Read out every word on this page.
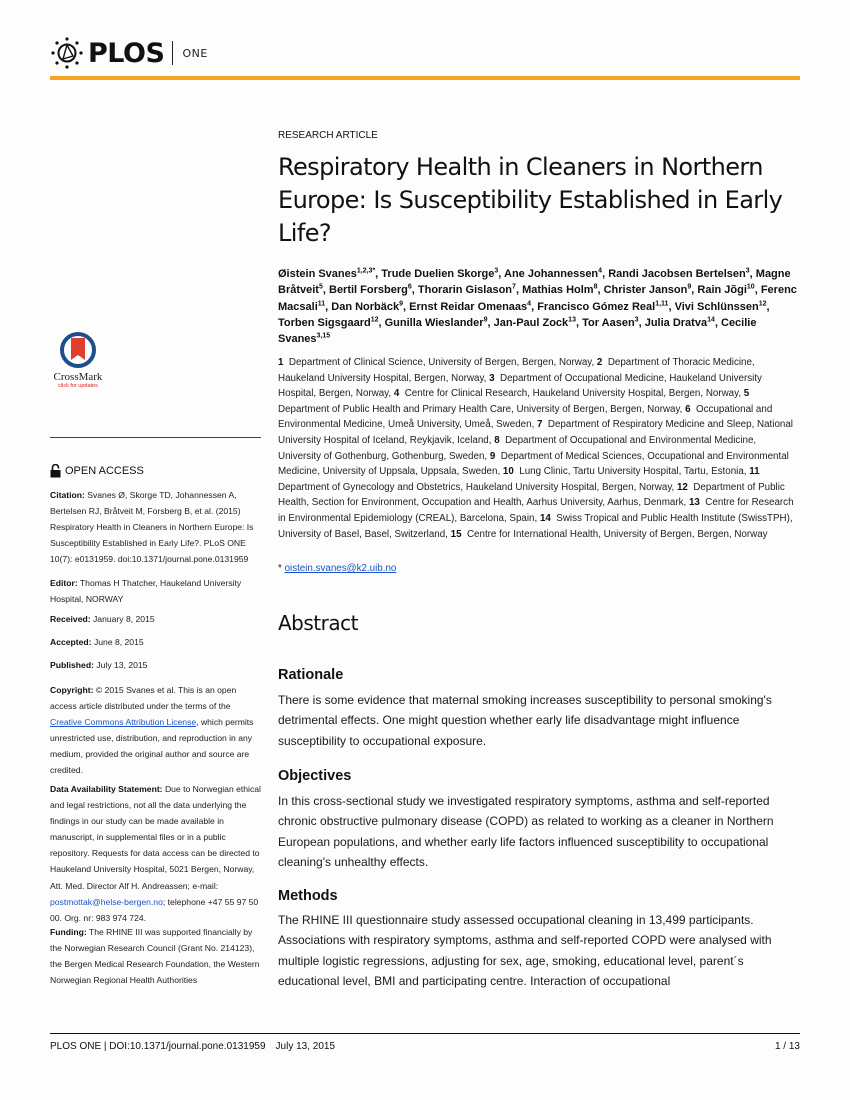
PLOS ONE
CrossMark
click for updates
OPEN ACCESS
Citation: Svanes Ø, Skorge TD, Johannessen A, Bertelsen RJ, Bråtveit M, Forsberg B, et al. (2015) Respiratory Health in Cleaners in Northern Europe: Is Susceptibility Established in Early Life?. PLoS ONE 10(7): e0131959. doi:10.1371/journal.pone.0131959
Editor: Thomas H Thatcher, Haukeland University Hospital, NORWAY
Received: January 8, 2015
Accepted: June 8, 2015
Published: July 13, 2015
Copyright: © 2015 Svanes et al. This is an open access article distributed under the terms of the Creative Commons Attribution License, which permits unrestricted use, distribution, and reproduction in any medium, provided the original author and source are credited.
Data Availability Statement: Due to Norwegian ethical and legal restrictions, not all the data underlying the findings in our study can be made available in manuscript, in supplemental files or in a public repository. Requests for data access can be directed to Haukeland University Hospital, 5021 Bergen, Norway, Att. Med. Director Alf H. Andreassen; e-mail: postmottak@helse-bergen.no; telephone +47 55 97 50 00. Org. nr: 983 974 724.
Funding: The RHINE III was supported financially by the Norwegian Research Council (Grant No. 214123), the Bergen Medical Research Foundation, the Western Norwegian Regional Health Authorities
RESEARCH ARTICLE
Respiratory Health in Cleaners in Northern Europe: Is Susceptibility Established in Early Life?
Øistein Svanes$^{1,2,3*}$, Trude Duelien Skorge$^3$, Ane Johannessen$^4$, Randi Jacobsen Bertelsen$^3$, Magne Bråtveit$^5$, Bertil Forsberg$^6$, Thorarin Gislason$^7$, Mathias Holm$^8$, Christer Janson$^9$, Rain Jõgi$^{10}$, Ferenc Macsali$^{11}$, Dan Norbäck$^9$, Ernst Reidar Omenaas$^4$, Francisco Gómez Real$^{1,11}$, Vivi Schlünssen$^{12}$, Torben Sigsgaard$^{12}$, Gunilla Wieslander$^9$, Jan-Paul Zock$^{13}$, Tor Aasen$^3$, Julia Dratva$^{14}$, Cecilie Svanes$^{3,15}$
1  Department of Clinical Science, University of Bergen, Bergen, Norway, 2  Department of Thoracic Medicine, Haukeland University Hospital, Bergen, Norway, 3  Department of Occupational Medicine, Haukeland University Hospital, Bergen, Norway, 4  Centre for Clinical Research, Haukeland University Hospital, Bergen, Norway, 5  Department of Public Health and Primary Health Care, University of Bergen, Bergen, Norway, 6  Occupational and Environmental Medicine, Umeå University, Umeå, Sweden, 7  Department of Respiratory Medicine and Sleep, National University Hospital of Iceland, Reykjavik, Iceland, 8  Department of Occupational and Environmental Medicine, University of Gothenburg, Gothenburg, Sweden, 9  Department of Medical Sciences, Occupational and Environmental Medicine, University of Uppsala, Uppsala, Sweden, 10  Lung Clinic, Tartu University Hospital, Tartu, Estonia, 11  Department of Gynecology and Obstetrics, Haukeland University Hospital, Bergen, Norway, 12  Department of Public Health, Section for Environment, Occupation and Health, Aarhus University, Aarhus, Denmark, 13  Centre for Research in Environmental Epidemiology (CREAL), Barcelona, Spain, 14  Swiss Tropical and Public Health Institute (SwissTPH), University of Basel, Basel, Switzerland, 15  Centre for International Health, University of Bergen, Bergen, Norway
* oistein.svanes@k2.uib.no
Abstract
Rationale

There is some evidence that maternal smoking increases susceptibility to personal smoking's detrimental effects. One might question whether early life disadvantage might influence susceptibility to occupational exposure.

Objectives

In this cross-sectional study we investigated respiratory symptoms, asthma and self-reported chronic obstructive pulmonary disease (COPD) as related to working as a cleaner in Northern European populations, and whether early life factors influenced susceptibility to occupational cleaning's unhealthy effects.

Methods

The RHINE III questionnaire study assessed occupational cleaning in 13,499 participants. Associations with respiratory symptoms, asthma and self-reported COPD were analysed with multiple logistic regressions, adjusting for sex, age, smoking, educational level, parent´s educational level, BMI and participating centre. Interaction of occupational

PLOS ONE | DOI:10.1371/journal.pone.0131959 July 13, 2015	1 / 13
